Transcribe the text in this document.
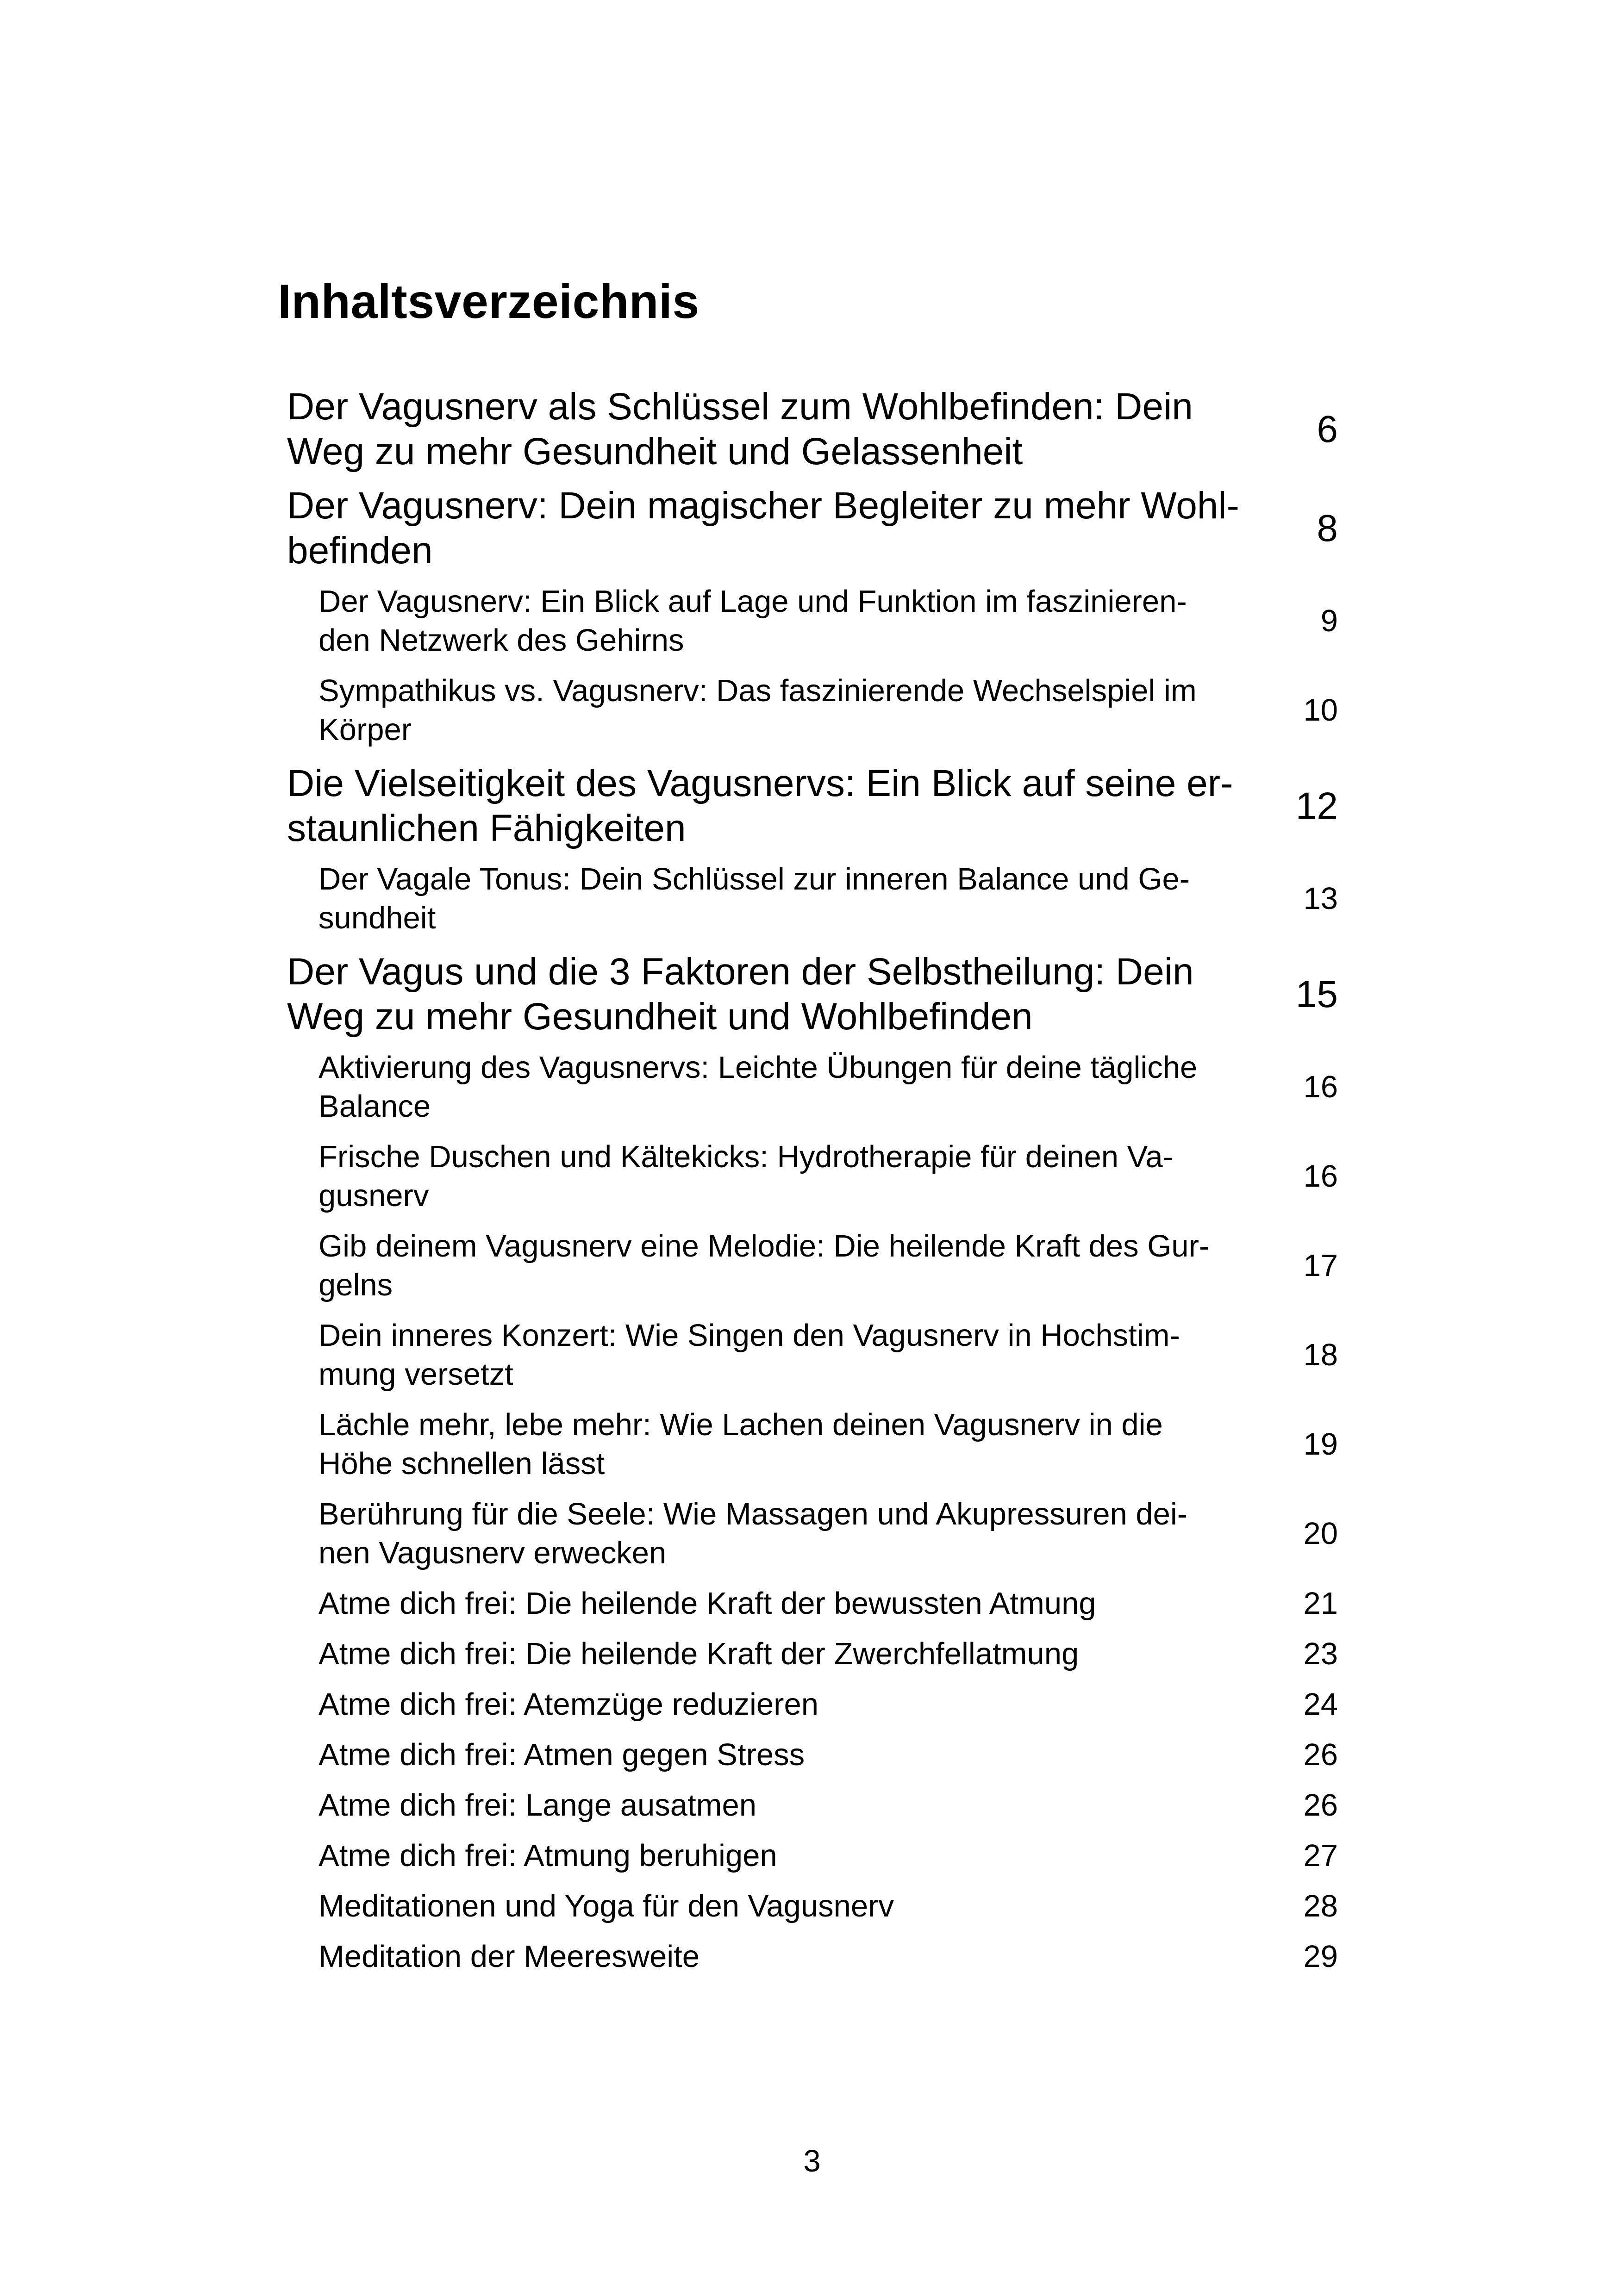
Inhaltsverzeichnis
Der Vagusnerv als Schlüssel zum Wohlbefinden: Dein
Weg zu mehr Gesundheit und Gelassenheit
6
Der Vagusnerv: Dein magischer Begleiter zu mehr Wohl-
befinden
8
Der Vagusnerv: Ein Blick auf Lage und Funktion im faszinieren-
den Netzwerk des Gehirns
9
Sympathikus vs. Vagusnerv: Das faszinierende Wechselspiel im
Körper
10
Die Vielseitigkeit des Vagusnervs: Ein Blick auf seine er-
staunlichen Fähigkeiten
12
Der Vagale Tonus: Dein Schlüssel zur inneren Balance und Ge-
sundheit
13
Der Vagus und die 3 Faktoren der Selbstheilung: Dein
Weg zu mehr Gesundheit und Wohlbefinden
15
Aktivierung des Vagusnervs: Leichte Übungen für deine tägliche
Balance
16
Frische Duschen und Kältekicks: Hydrotherapie für deinen Va-
gusnerv
16
Gib deinem Vagusnerv eine Melodie: Die heilende Kraft des Gur-
gelns
17
Dein inneres Konzert: Wie Singen den Vagusnerv in Hochstim-
mung versetzt
18
Lächle mehr, lebe mehr: Wie Lachen deinen Vagusnerv in die
Höhe schnellen lässt
19
Berührung für die Seele: Wie Massagen und Akupressuren dei-
nen Vagusnerv erwecken
20
Atme dich frei: Die heilende Kraft der bewussten Atmung	21
Atme dich frei: Die heilende Kraft der Zwerchfellatmung	23
Atme dich frei: Atemzüge reduzieren	24
Atme dich frei: Atmen gegen Stress	26
Atme dich frei: Lange ausatmen	26
Atme dich frei: Atmung beruhigen	27
Meditationen und Yoga für den Vagusnerv	28
Meditation der Meeresweite	29
3
